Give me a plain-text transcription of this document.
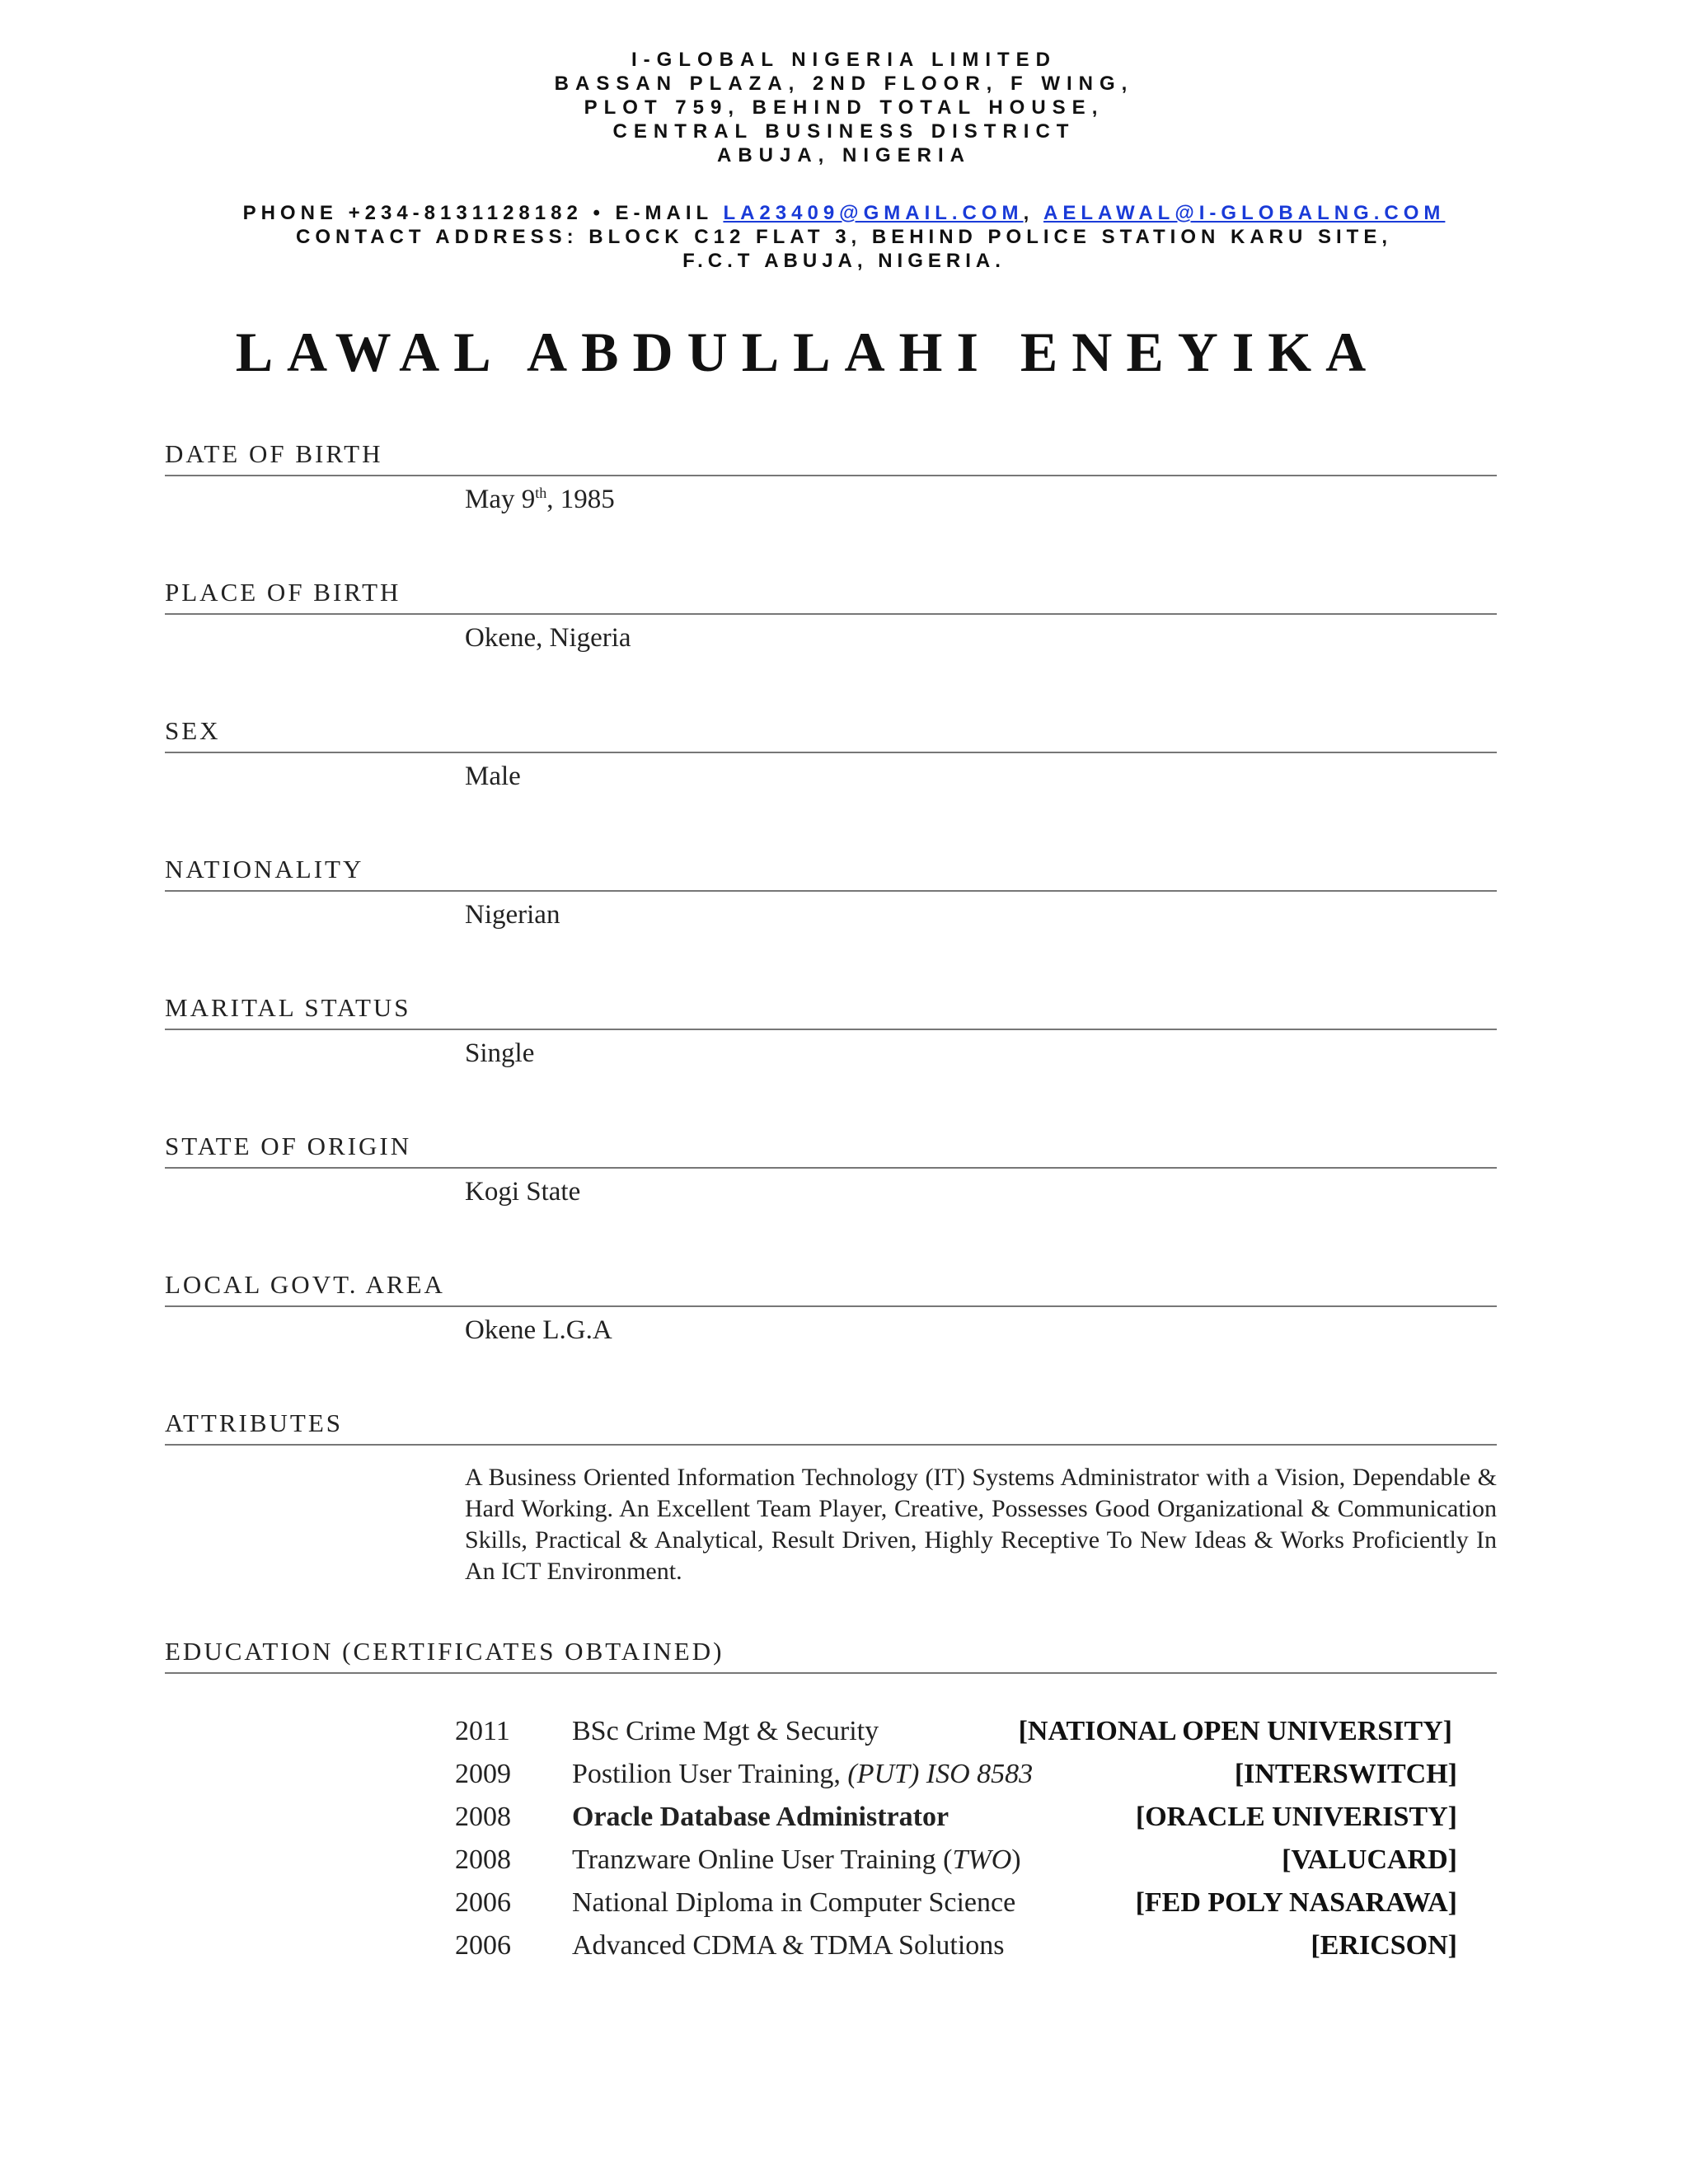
I-GLOBAL NIGERIA LIMITED
BASSAN PLAZA, 2ND FLOOR, F WING,
PLOT 759, BEHIND TOTAL HOUSE,
CENTRAL BUSINESS DISTRICT
ABUJA, NIGERIA
PHONE +234-8131128182 • E-MAIL LA23409@GMAIL.COM, AELAWAL@I-GLOBALNG.COM
CONTACT ADDRESS: BLOCK C12 FLAT 3, BEHIND POLICE STATION KARU SITE,
F.C.T ABUJA, NIGERIA.
LAWAL ABDULLAHI ENEYIKA
DATE OF BIRTH
May 9th, 1985
PLACE OF BIRTH
Okene, Nigeria
SEX
Male
NATIONALITY
Nigerian
MARITAL STATUS
Single
STATE OF ORIGIN
Kogi State
LOCAL GOVT. AREA
Okene L.G.A
ATTRIBUTES
A Business Oriented Information Technology (IT) Systems Administrator with a Vision, Dependable & Hard Working. An Excellent Team Player, Creative, Possesses Good Organizational & Communication Skills, Practical & Analytical, Result Driven, Highly Receptive To New Ideas & Works Proficiently In An ICT Environment.
EDUCATION (CERTIFICATES OBTAINED)
2011 BSc Crime Mgt & Security	[NATIONAL OPEN UNIVERSITY]
2009 Postilion User Training, (PUT) ISO 8583	[INTERSWITCH]
2008 Oracle Database Administrator	[ORACLE UNIVERISTY]
2008 Tranzware Online User Training (TWO)	[VALUCARD]
2006 National Diploma in Computer Science	[FED POLY NASARAWA]
2006 Advanced CDMA & TDMA Solutions	[ERICSON]
